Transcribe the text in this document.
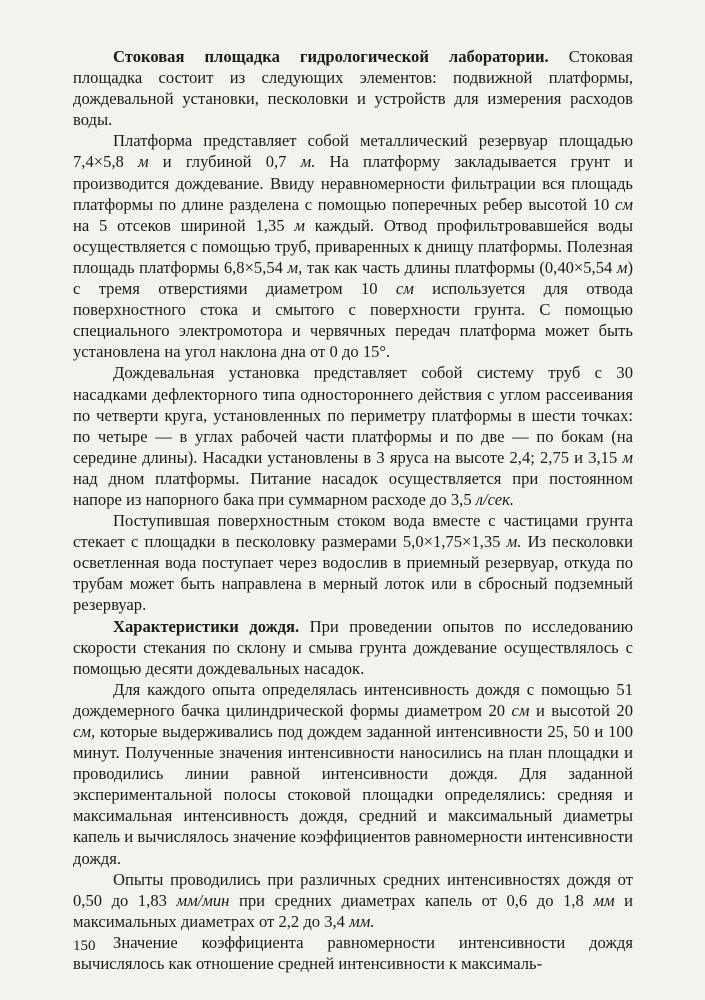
Стоковая площадка гидрологической лаборатории. Стоковая площадка состоит из следующих элементов: подвижной платформы, дождевальной установки, песколовки и устройств для измерения расходов воды.

Платформа представляет собой металлический резервуар площадью 7,4×5,8 м и глубиной 0,7 м. На платформу закладывается грунт и производится дождевание. Ввиду неравномерности фильтрации вся площадь платформы по длине разделена с помощью поперечных ребер высотой 10 см на 5 отсеков шириной 1,35 м каждый. Отвод профильтровавшейся воды осуществляется с помощью труб, приваренных к днищу платформы. Полезная площадь платформы 6,8×5,54 м, так как часть длины платформы (0,40×5,54 м) с тремя отверстиями диаметром 10 см используется для отвода поверхностного стока и смытого с поверхности грунта. С помощью специального электромотора и червячных передач платформа может быть установлена на угол наклона дна от 0 до 15°.

Дождевальная установка представляет собой систему труб с 30 насадками дефлекторного типа одностороннего действия с углом рассеивания по четверти круга, установленных по периметру платформы в шести точках: по четыре — в углах рабочей части платформы и по две — по бокам (на середине длины). Насадки установлены в 3 яруса на высоте 2,4; 2,75 и 3,15 м над дном платформы. Питание насадок осуществляется при постоянном напоре из напорного бака при суммарном расходе до 3,5 л/сек.

Поступившая поверхностным стоком вода вместе с частицами грунта стекает с площадки в песколовку размерами 5,0×1,75×1,35 м. Из песколовки осветленная вода поступает через водослив в приемный резервуар, откуда по трубам может быть направлена в мерный лоток или в сбросный подземный резервуар.

Характеристики дождя. При проведении опытов по исследованию скорости стекания по склону и смыва грунта дождевание осуществлялось с помощью десяти дождевальных насадок.

Для каждого опыта определялась интенсивность дождя с помощью 51 дождемерного бачка цилиндрической формы диаметром 20 см и высотой 20 см, которые выдерживались под дождем заданной интенсивности 25, 50 и 100 минут. Полученные значения интенсивности наносились на план площадки и проводились линии равной интенсивности дождя. Для заданной экспериментальной полосы стоковой площадки определялись: средняя и максимальная интенсивность дождя, средний и максимальный диаметры капель и вычислялось значение коэффициентов равномерности интенсивности дождя.

Опыты проводились при различных средних интенсивностях дождя от 0,50 до 1,83 мм/мин при средних диаметрах капель от 0,6 до 1,8 мм и максимальных диаметрах от 2,2 до 3,4 мм.

Значение коэффициента равномерности интенсивности дождя вычислялось как отношение средней интенсивности к максималь-

150
